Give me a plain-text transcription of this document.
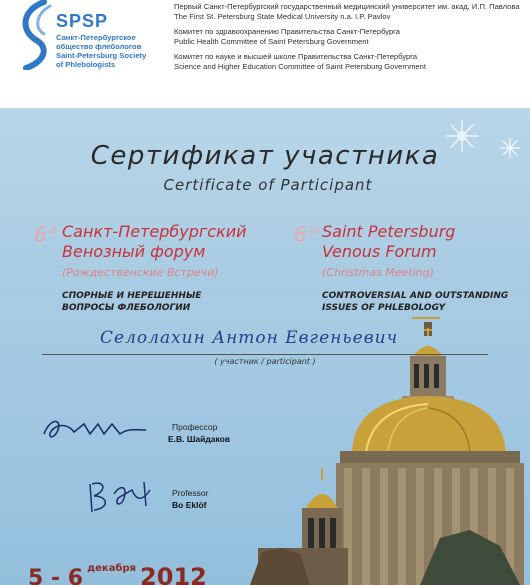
SPSP
Санкт-Петербургское
общество флебологов
Saint-Petersburg Society
of Phlebologists
Первый Санкт-Петербургский государственный медицинский университет им. акад. И.П. Павлова
The First St. Petersburg State Medical University n.a. I.P. Pavlov
Комитет по здравоохранению Правительства Санкт-Петербурга
Public Health Committee of Saint Petersburg Government
Комитет по науке и высшей школе Правительства Санкт-Петербурга
Science and Higher Education Committee of Saint Petersburg Government
Сертификат участника
Certificate of Participant
$6^{-й}$ Санкт-Петербургский
Венозный форум
(Рождественские Встречи)
СПОРНЫЕ И НЕРЕШЕННЫЕ
ВОПРОСЫ ФЛЕБОЛОГИИ
$6^{-th}$ Saint Petersburg
Venous Forum
(Christmas Meeting)
CONTROVERSIAL AND OUTSTANDING
ISSUES OF PHLEBOLOGY
Селолахин Антон Евгеньевич
( участник / participant )
Профессор
Е.В. Шайдаков
Professor
Bo Eklöf
5 - 6 $^{декабря}$ 2012
